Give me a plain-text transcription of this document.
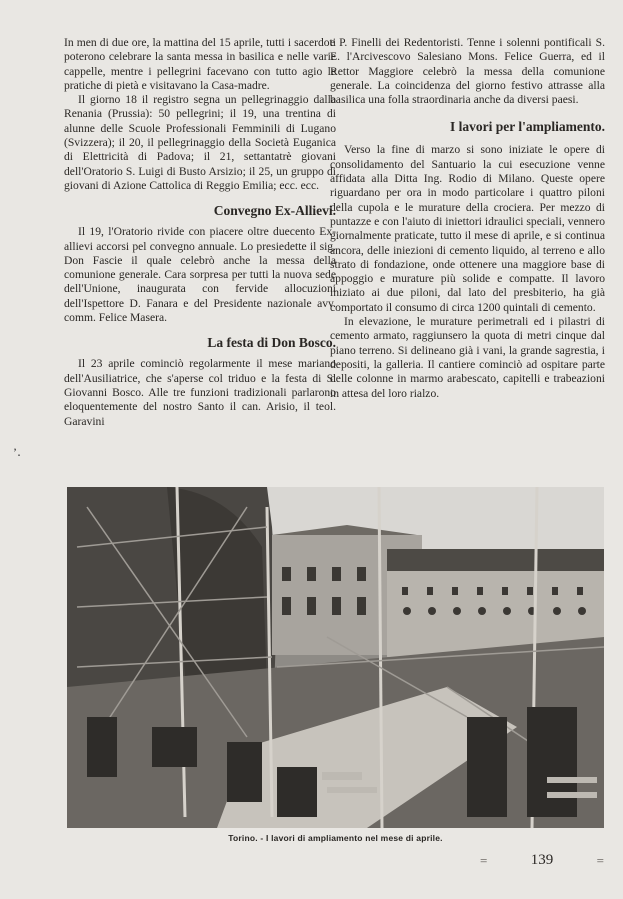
In men di due ore, la mattina del 15 aprile, tutti i sacerdoti poterono celebrare la santa messa in basilica e nelle varie cappelle, mentre i pellegrini facevano con tutto agio le pratiche di pietà e visitavano la Casa-madre.

Il giorno 18 il registro segna un pellegrinaggio dalla Renania (Prussia): 50 pellegrini; il 19, una trentina di alunne delle Scuole Professionali Femminili di Lugano (Svizzera); il 20, il pellegrinaggio della Società Euganica di Elettricità di Padova; il 21, settantatrè giovani dell'Oratorio S. Luigi di Busto Arsizio; il 25, un gruppo di giovani di Azione Cattolica di Reggio Emilia; ecc. ecc.

Convegno Ex-Allievi.

Il 19, l'Oratorio rivide con piacere oltre duecento Ex-allievi accorsi pel convegno annuale. Lo presiedette il sig. Don Fascie il quale celebrò anche la messa della comunione generale. Cara sorpresa per tutti la nuova sede dell'Unione, inaugurata con fervide allocuzioni dell'Ispettore D. Fanara e del Presidente nazionale avv. comm. Felice Masera.

La festa di Don Bosco.

Il 23 aprile cominciò regolarmente il mese mariano dell'Ausiliatrice, che s'aperse col triduo e la festa di S. Giovanni Bosco. Alle tre funzioni tradizionali parlarono eloquentemente del nostro Santo il can. Arisio, il teol. Garavini

e P. Finelli dei Redentoristi. Tenne i solenni pontificali S. E. l'Arcivescovo Salesiano Mons. Felice Guerra, ed il Rettor Maggiore celebrò la messa della comunione generale. La coincidenza del giorno festivo attrasse alla basilica una folla straordinaria anche da diversi paesi.

I lavori per l'ampliamento.

Verso la fine di marzo si sono iniziate le opere di consolidamento del Santuario la cui esecuzione venne affidata alla Ditta Ing. Rodio di Milano. Queste opere riguardano per ora in modo particolare i quattro piloni della cupola e le murature della crociera. Per mezzo di puntazze e con l'aiuto di iniettori idraulici speciali, vennero giornalmente praticate, tutto il mese di aprile, e si continua ancora, delle iniezioni di cemento liquido, al terreno e allo strato di fondazione, onde ottenere una maggiore base di appoggio e murature più solide e compatte. Il lavoro iniziato ai due piloni, dal lato del presbiterio, ha già comportato il consumo di circa 1200 quintali di cemento.

In elevazione, le murature perimetrali ed i pilastri di cemento armato, raggiunsero la quota di metri cinque dal piano terreno. Si delineano già i vani, la grande sagrestia, i depositi, la galleria. Il cantiere cominciò ad ospitare parte delle colonne in marmo arabescato, capitelli e trabeazioni in attesa del loro rialzo.

’․
Torino. - I lavori di ampliamento nel mese di aprile.
=	139	=
